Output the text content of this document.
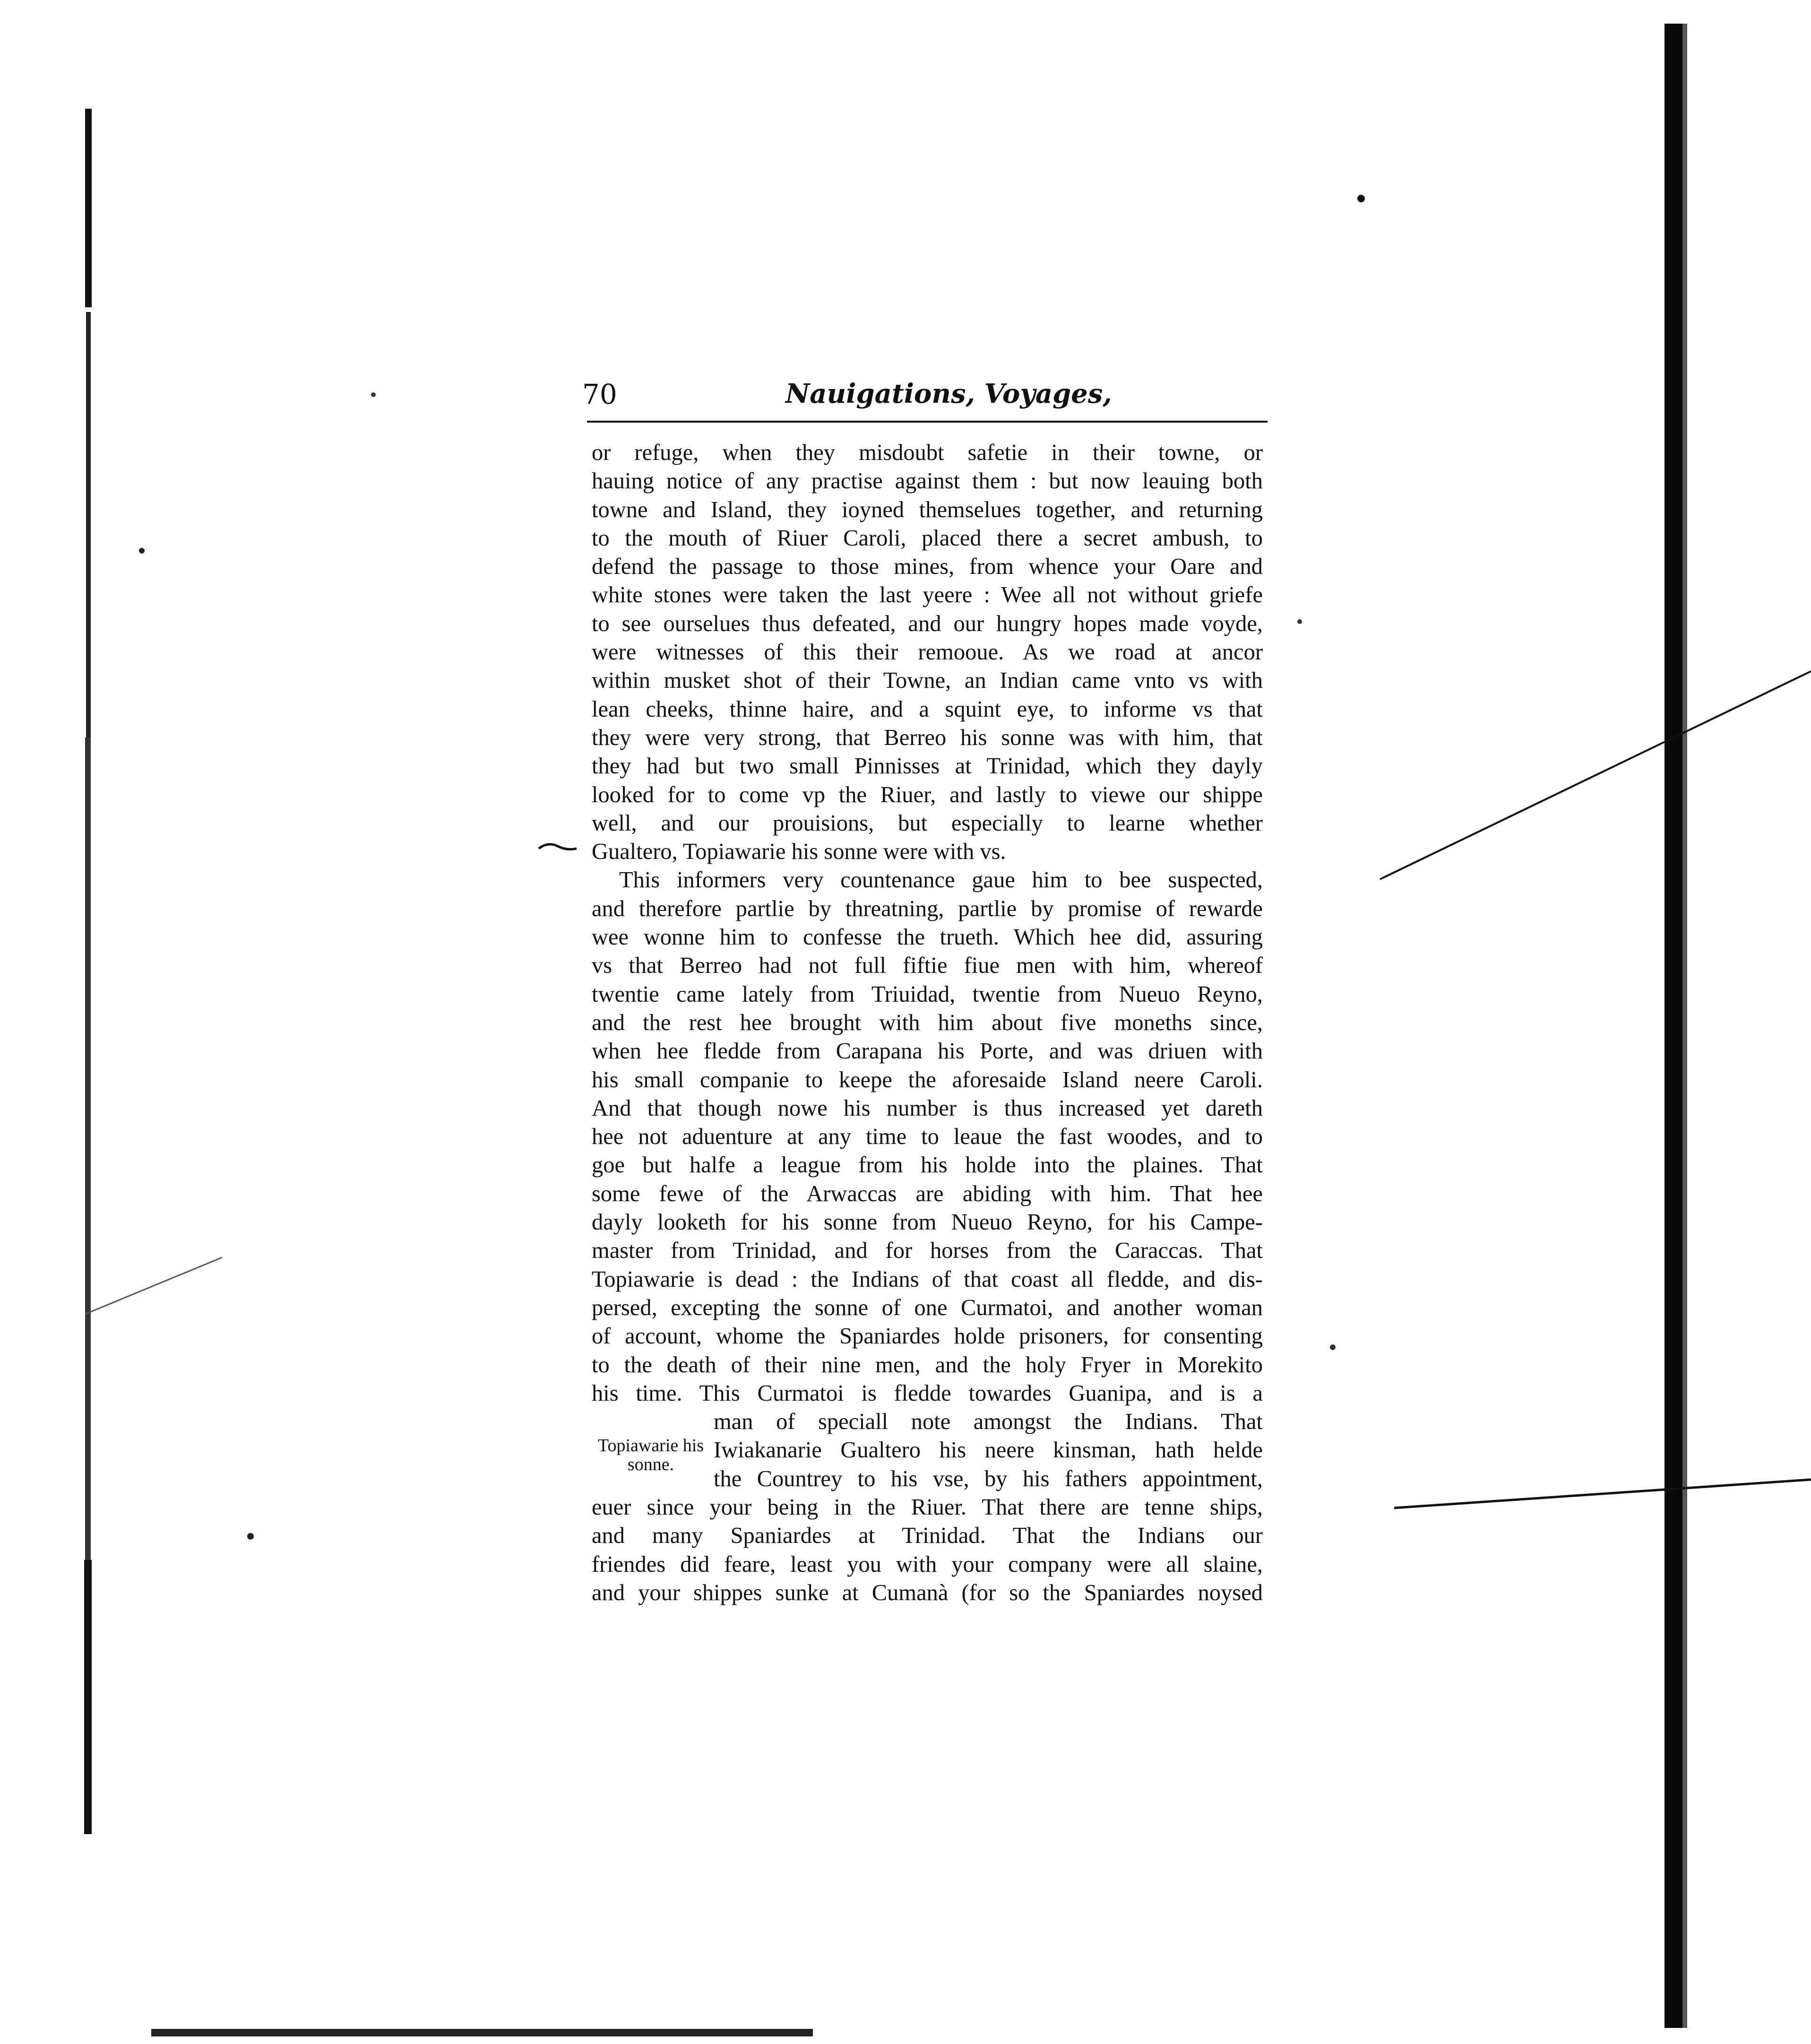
70	Nauigations, Voyages,
Topiawarie his sonne.
or refuge, when they misdoubt safetie in their towne, or
hauing notice of any practise against them : but now leauing both
towne and Island, they ioyned themselues together, and returning
to the mouth of Riuer Caroli, placed there a secret ambush, to
defend the passage to those mines, from whence your Oare and
white stones were taken the last yeere : Wee all not without griefe
to see ourselues thus defeated, and our hungry hopes made voyde,
were witnesses of this their remooue. As we road at ancor
within musket shot of their Towne, an Indian came vnto vs with
lean cheeks, thinne haire, and a squint eye, to informe vs that
they were very strong, that Berreo his sonne was with him, that
they had but two small Pinnisses at Trinidad, which they dayly
looked for to come vp the Riuer, and lastly to viewe our shippe
well, and our prouisions, but especially to learne whether
Gualtero, Topiawarie his sonne were with vs.
This informers very countenance gaue him to bee suspected,
and therefore partlie by threatning, partlie by promise of rewarde
wee wonne him to confesse the trueth. Which hee did, assuring
vs that Berreo had not full fiftie fiue men with him, whereof
twentie came lately from Triuidad, twentie from Nueuo Reyno,
and the rest hee brought with him about five moneths since,
when hee fledde from Carapana his Porte, and was driuen with
his small companie to keepe the aforesaide Island neere Caroli.
And that though nowe his number is thus increased yet dareth
hee not aduenture at any time to leaue the fast woodes, and to
goe but halfe a league from his holde into the plaines. That
some fewe of the Arwaccas are abiding with him. That hee
dayly looketh for his sonne from Nueuo Reyno, for his Campe-
master from Trinidad, and for horses from the Caraccas. That
Topiawarie is dead : the Indians of that coast all fledde, and dis-
persed, excepting the sonne of one Curmatoi, and another woman
of account, whome the Spaniardes holde prisoners, for consenting
to the death of their nine men, and the holy Fryer in Morekito
his time. This Curmatoi is fledde towardes Guanipa, and is a
man of speciall note amongst the Indians. That
Iwiakanarie Gualtero his neere kinsman, hath helde
the Countrey to his vse, by his fathers appointment,
euer since your being in the Riuer. That there are tenne ships,
and many Spaniardes at Trinidad. That the Indians our
friendes did feare, least you with your company were all slaine,
and your shippes sunke at Cumanà (for so the Spaniardes noysed
